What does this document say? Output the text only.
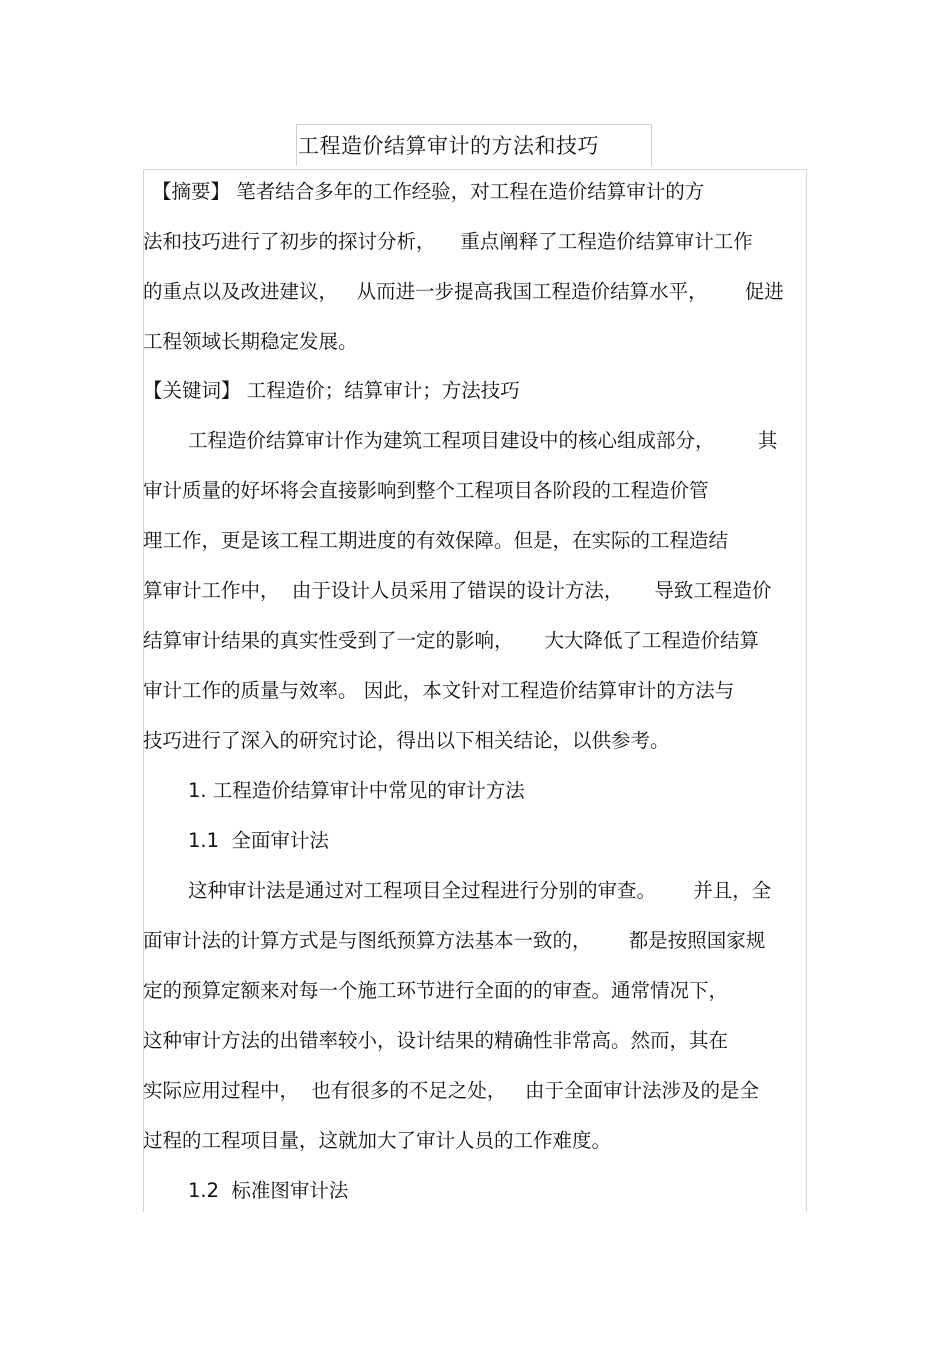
工程造价结算审计的方法和技巧
【摘要】 笔者结合多年的工作经验，对工程在造价结算审计的方
法和技巧进行了初步的探讨分析，    重点阐释了工程造价结算审计工作
的重点以及改进建议，   从而进一步提高我国工程造价结算水平，      促进
工程领域长期稳定发展。
【关键词】 工程造价；结算审计；方法技巧
工程造价结算审计作为建筑工程项目建设中的核心组成部分，       其
审计质量的好坏将会直接影响到整个工程项目各阶段的工程造价管
理工作，更是该工程工期进度的有效保障。但是，在实际的工程造结
算审计工作中，  由于设计人员采用了错误的设计方法，     导致工程造价
结算审计结果的真实性受到了一定的影响，     大大降低了工程造价结算
审计工作的质量与效率。 因此，本文针对工程造价结算审计的方法与
技巧进行了深入的研究讨论，得出以下相关结论，以供参考。
1. 工程造价结算审计中常见的审计方法
1.1  全面审计法
这种审计法是通过对工程项目全过程进行分别的审查。      并且，全
面审计法的计算方式是与图纸预算方法基本一致的，      都是按照国家规
定的预算定额来对每一个施工环节进行全面的的审查。通常情况下，
这种审计方法的出错率较小，设计结果的精确性非常高。然而，其在
实际应用过程中，  也有很多的不足之处，   由于全面审计法涉及的是全
过程的工程项目量，这就加大了审计人员的工作难度。
1.2  标准图审计法
